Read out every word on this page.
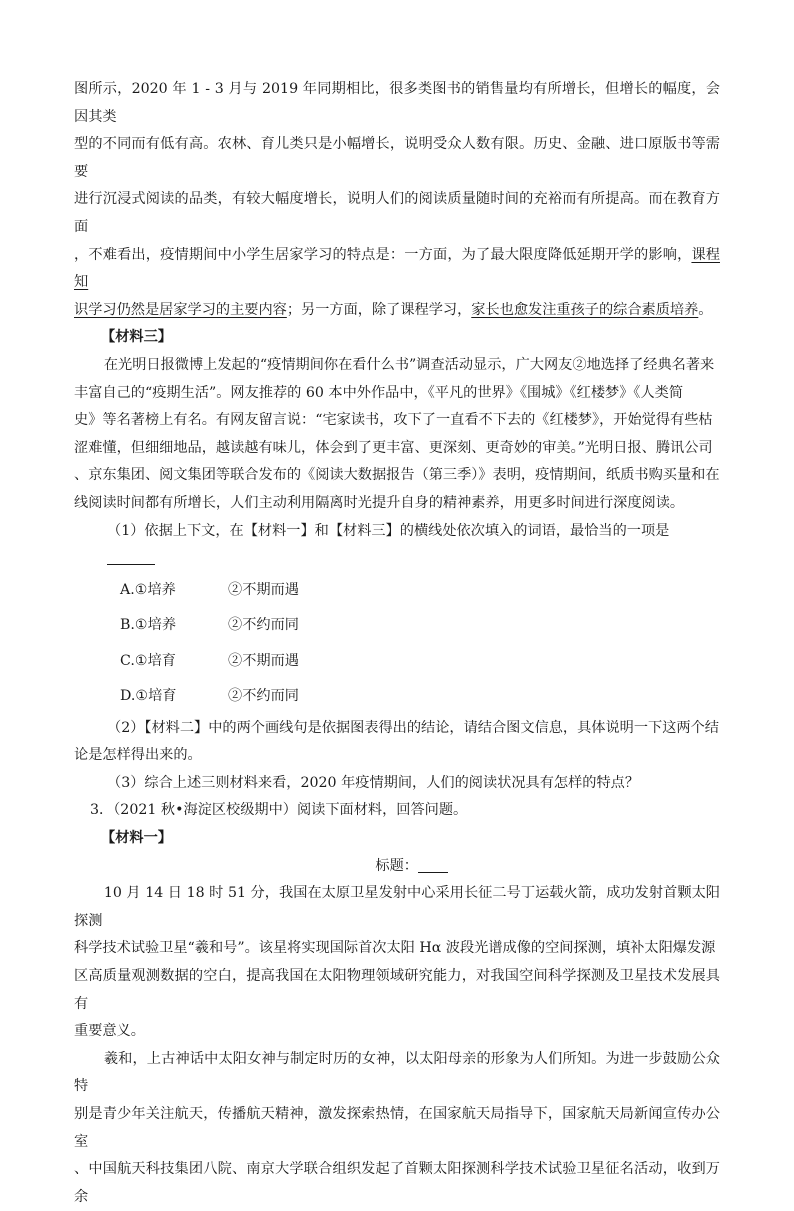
图所示，2020 年 1 - 3 月与 2019 年同期相比，很多类图书的销售量均有所增长，但增长的幅度，会因其类

型的不同而有低有高。农林、育儿类只是小幅增长，说明受众人数有限。历史、金融、进口原版书等需要

进行沉浸式阅读的品类，有较大幅度增长，说明人们的阅读质量随时间的充裕而有所提高。而在教育方面

，不难看出，疫情期间中小学生居家学习的特点是：一方面，为了最大限度降低延期开学的影响，课程知

识学习仍然是居家学习的主要内容；另一方面，除了课程学习，家长也愈发注重孩子的综合素质培养。

【材料三】

在光明日报微博上发起的“疫情期间你在看什么书”调查活动显示，广大网友②地选择了经典名著来

丰富自己的“疫期生活”。网友推荐的 60 本中外作品中，《平凡的世界》《围城》《红楼梦》《人类简

史》等名著榜上有名。有网友留言说：“宅家读书，攻下了一直看不下去的《红楼梦》，开始觉得有些枯

涩难懂，但细细地品，越读越有味儿，体会到了更丰富、更深刻、更奇妙的审美。”光明日报、腾讯公司

、京东集团、阅文集团等联合发布的《阅读大数据报告（第三季）》表明，疫情期间，纸质书购买量和在

线阅读时间都有所增长，人们主动利用隔离时光提升自身的精神素养，用更多时间进行深度阅读。

（1）依据上下文，在【材料一】和【材料三】的横线处依次填入的词语，最恰当的一项是

A.①培养	②不期而遇

B.①培养	②不约而同

C.①培育	②不期而遇

D.①培育	②不约而同

（2）【材料二】中的两个画线句是依据图表得出的结论，请结合图文信息，具体说明一下这两个结

论是怎样得出来的。

（3）综合上述三则材料来看，2020 年疫情期间，人们的阅读状况具有怎样的特点？

3．（2021 秋•海淀区校级期中）阅读下面材料，回答问题。

【材料一】

标题：

10 月 14 日 18 时 51 分，我国在太原卫星发射中心采用长征二号丁运载火箭，成功发射首颗太阳探测

科学技术试验卫星“羲和号”。该星将实现国际首次太阳 Hα 波段光谱成像的空间探测，填补太阳爆发源

区高质量观测数据的空白，提高我国在太阳物理领域研究能力，对我国空间科学探测及卫星技术发展具有

重要意义。

羲和，上古神话中太阳女神与制定时历的女神，以太阳母亲的形象为人们所知。为进一步鼓励公众特

别是青少年关注航天，传播航天精神，激发探索热情，在国家航天局指导下，国家航天局新闻宣传办公室

、中国航天科技集团八院、南京大学联合组织发起了首颗太阳探测科学技术试验卫星征名活动，收到万余
